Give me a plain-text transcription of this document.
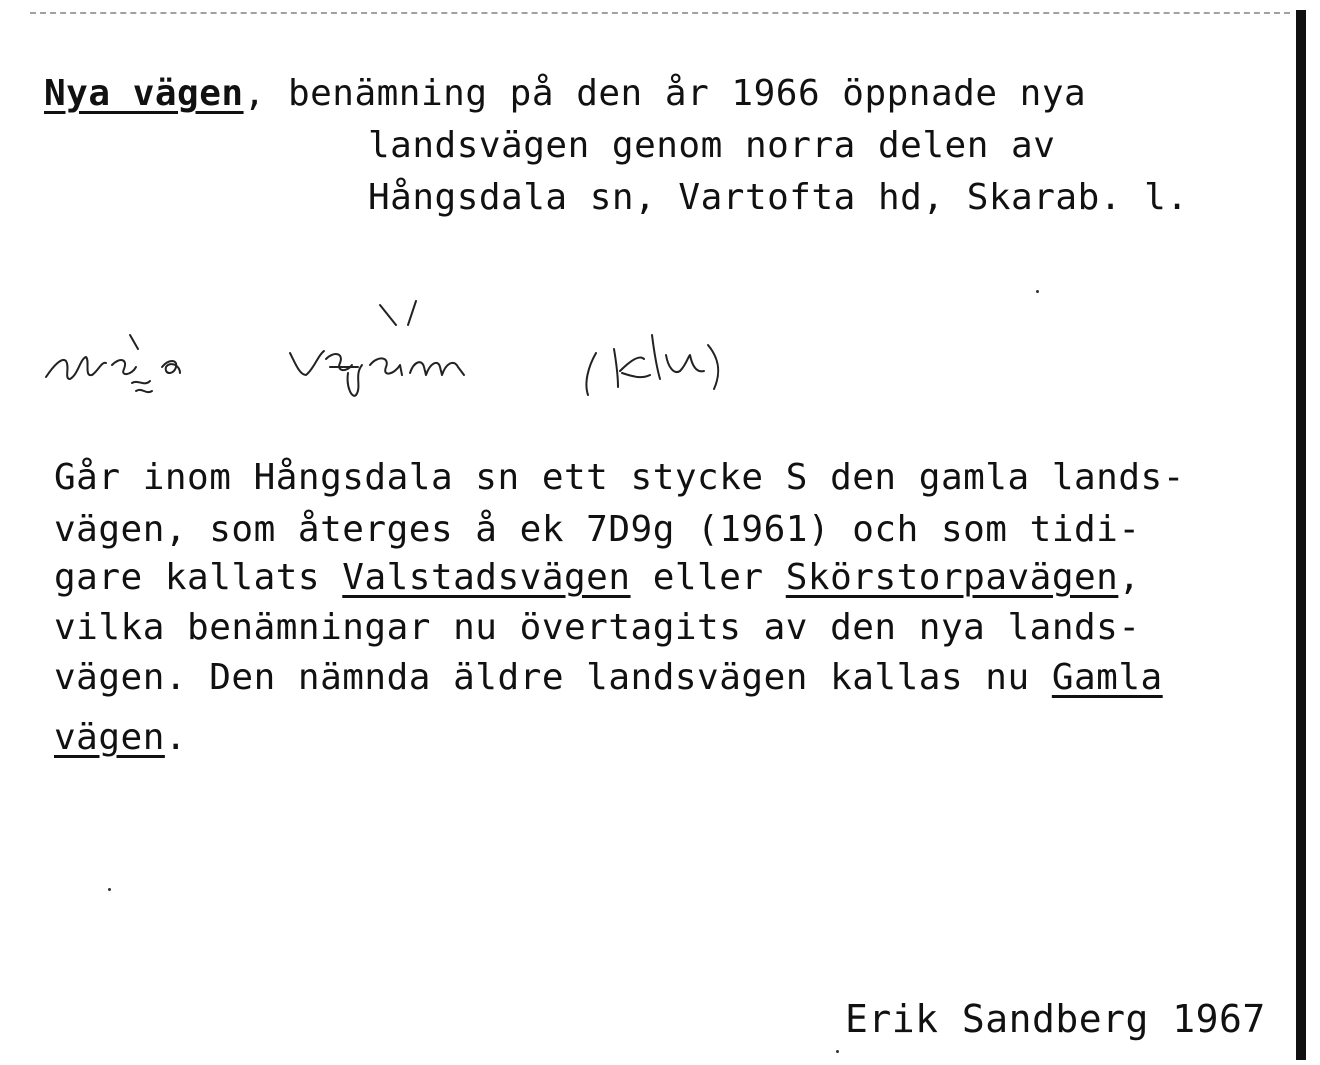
Nya vägen, benämning på den år 1966 öppnade nya
landsvägen genom norra delen av
Hångsdala sn, Vartofta hd, Skarab. l.
nyja vägan (Klu)
Går inom Hångsdala sn ett stycke S den gamla lands-
vägen, som återges å ek 7D9g (1961) och som tidi-
gare kallats Valstadsvägen eller Skörstorpavägen,
vilka benämningar nu övertagits av den nya lands-
vägen. Den nämnda äldre landsvägen kallas nu Gamla
vägen.
Erik Sandberg 1967
